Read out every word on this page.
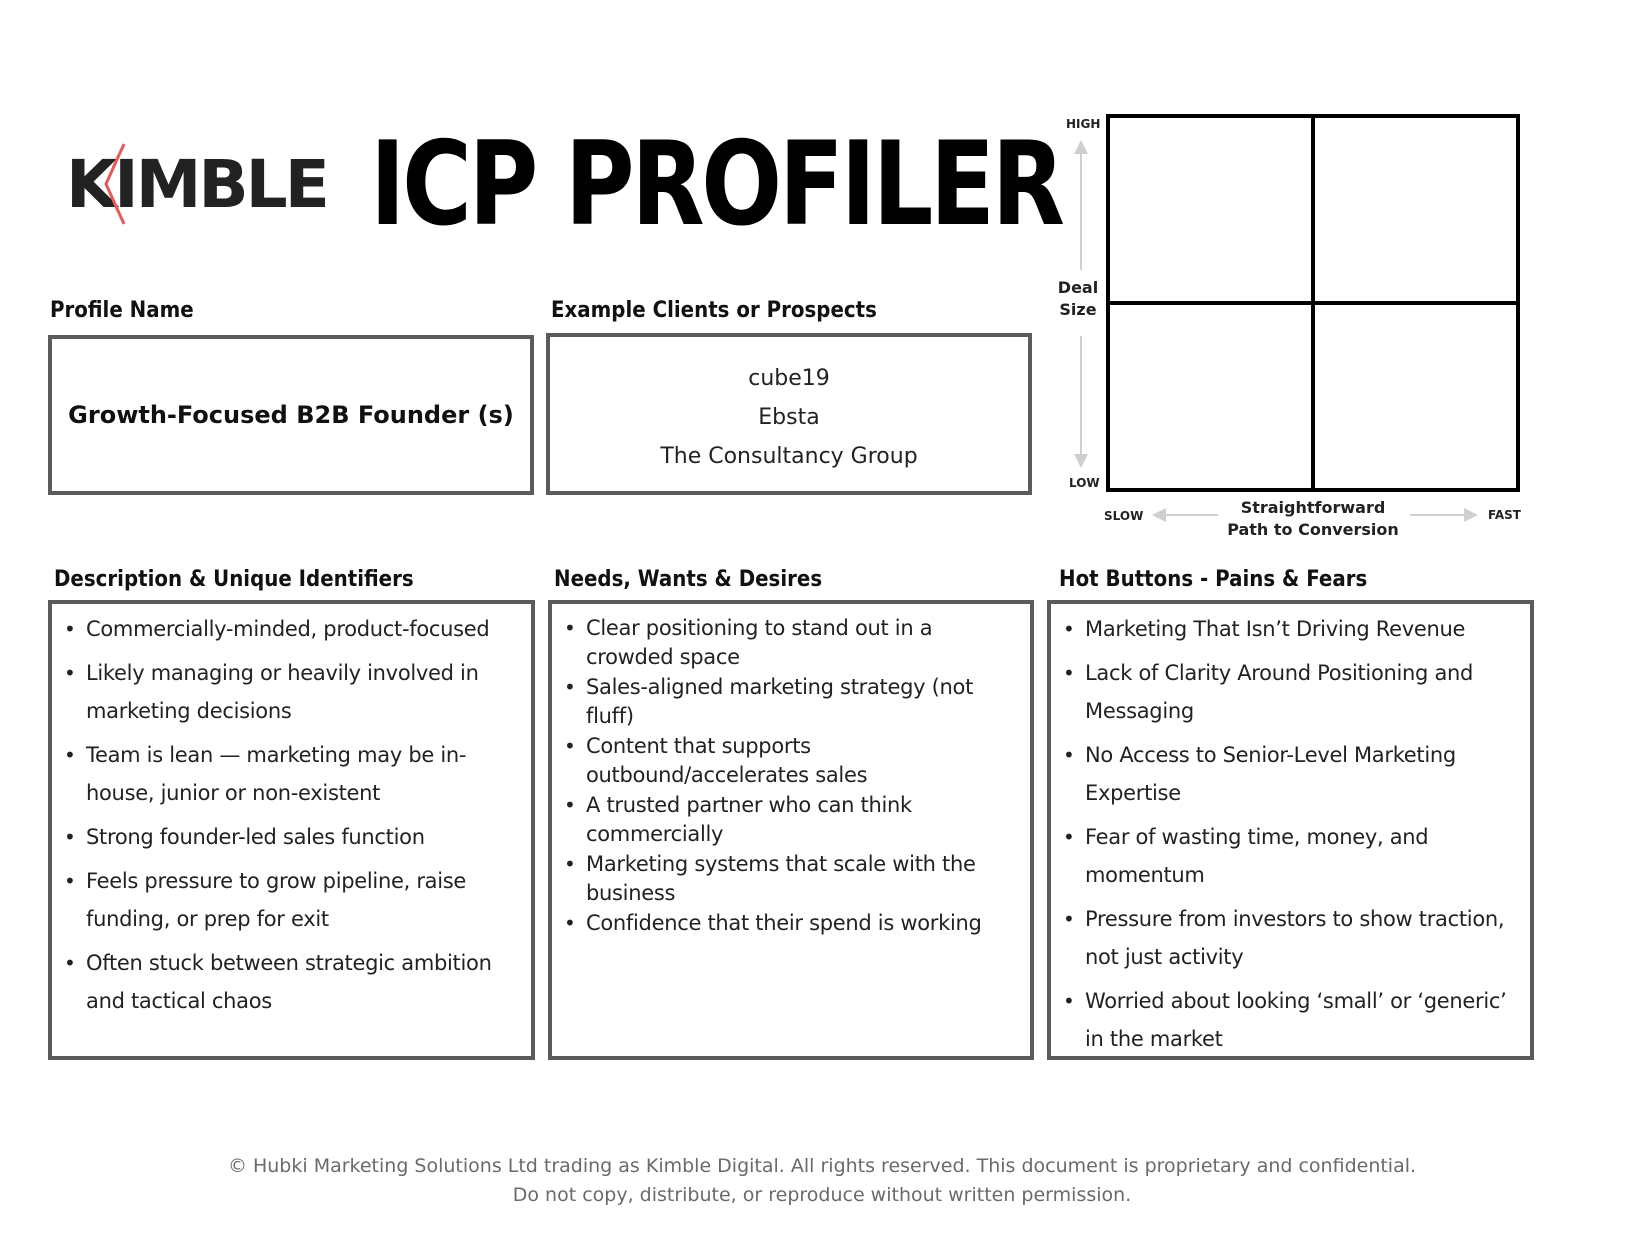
KIMBLE ICP PROFILER
Profile Name
Growth-Focused B2B Founder (s)
Example Clients or Prospects
cube19
Ebsta
The Consultancy Group
HIGH
LOW
Deal
Size
SLOW	FAST
Straightforward
Path to Conversion
Description & Unique Identifiers
• Commercially-minded, product-focused
• Likely managing or heavily involved in marketing decisions
• Team is lean — marketing may be in-house, junior or non-existent
• Strong founder-led sales function
• Feels pressure to grow pipeline, raise funding, or prep for exit
• Often stuck between strategic ambition and tactical chaos
Needs, Wants & Desires
• Clear positioning to stand out in a crowded space
• Sales-aligned marketing strategy (not fluff)
• Content that supports outbound/accelerates sales
• A trusted partner who can think commercially
• Marketing systems that scale with the business
• Confidence that their spend is working
Hot Buttons - Pains & Fears
• Marketing That Isn’t Driving Revenue
• Lack of Clarity Around Positioning and Messaging
• No Access to Senior-Level Marketing Expertise
• Fear of wasting time, money, and momentum
• Pressure from investors to show traction, not just activity
• Worried about looking ‘small’ or ‘generic’ in the market
© Hubki Marketing Solutions Ltd trading as Kimble Digital. All rights reserved. This document is proprietary and confidential.
Do not copy, distribute, or reproduce without written permission.
